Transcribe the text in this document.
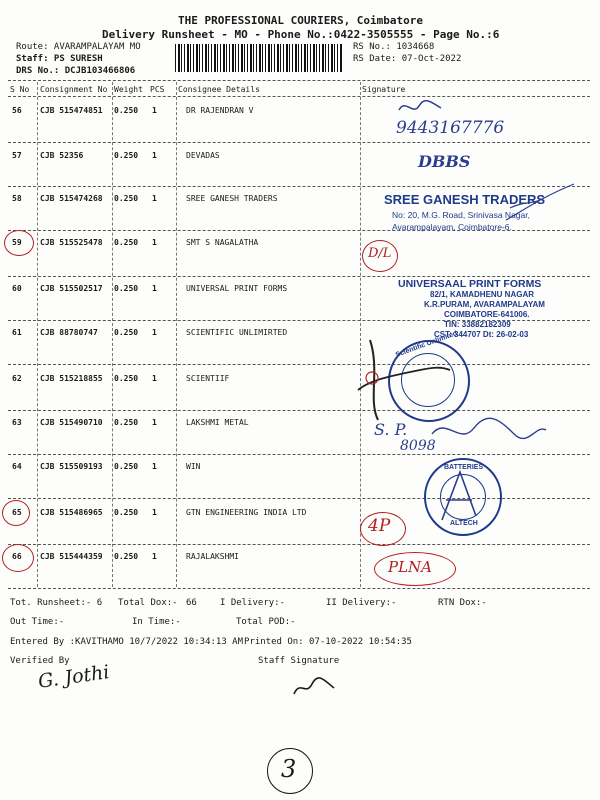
THE PROFESSIONAL COURIERS, Coimbatore
Delivery Runsheet - MO - Phone No.:0422-3505555 - Page No.:6
Route: AVARAMPALAYAM MO
Staff: PS SURESH
DRS No.: DCJB103466806
RS No.: 1034668
RS Date: 07-Oct-2022
S No Consignment No Weight PCS Consignee Details	Signature
56 CJB 515474851 0.250 1	DR RAJENDRAN V
57 CJB 52356	0.250 1	DEVADAS
58 CJB 515474268 0.250 1	SREE GANESH TRADERS
59 CJB 515525478 0.250 1	SMT S NAGALATHA
60 CJB 515502517 0.250 1	UNIVERSAL PRINT FORMS
61 CJB 88780747 0.250 1	SCIENTIFIC UNLIMIRTED
62 CJB 515218855 0.250 1	SCIENTIIF
63 CJB 515490710 0.250 1	LAKSHMI METAL
64 CJB 515509193 0.250 1	WIN
65 CJB 515486965 0.250 1	GTN ENGINEERING INDIA LTD
66 CJB 515444359 0.250 1	RAJALAKSHMI
9443167776
DBBS
SREE GANESH TRADERS
No: 20, M.G. Road, Srinivasa Nagar,
Avarampalayam, Coimbatore-6.
D/L
UNIVERSAAL PRINT FORMS
82/1, KAMADHENU NAGAR
K.R.PURAM, AVARAMPALAYAM
COIMBATORE-641006.
TIN: 33882182309
CST: 344707 Dt: 26-02-03
Scientific Unlimited
S. P.
8098
BATTERIES
ALTECH
4P
PLNA
Tot. Runsheet:- 6 Total Dox:- 66	I Delivery:-	II Delivery:-	RTN Dox:-
Out Time:-	In Time:-	Total POD:-
Entered By :KAVITHAMO 10/7/2022 10:34:13 AM Printed On: 07-10-2022 10:54:35
Verified By	Staff Signature
G. Jothi
3
